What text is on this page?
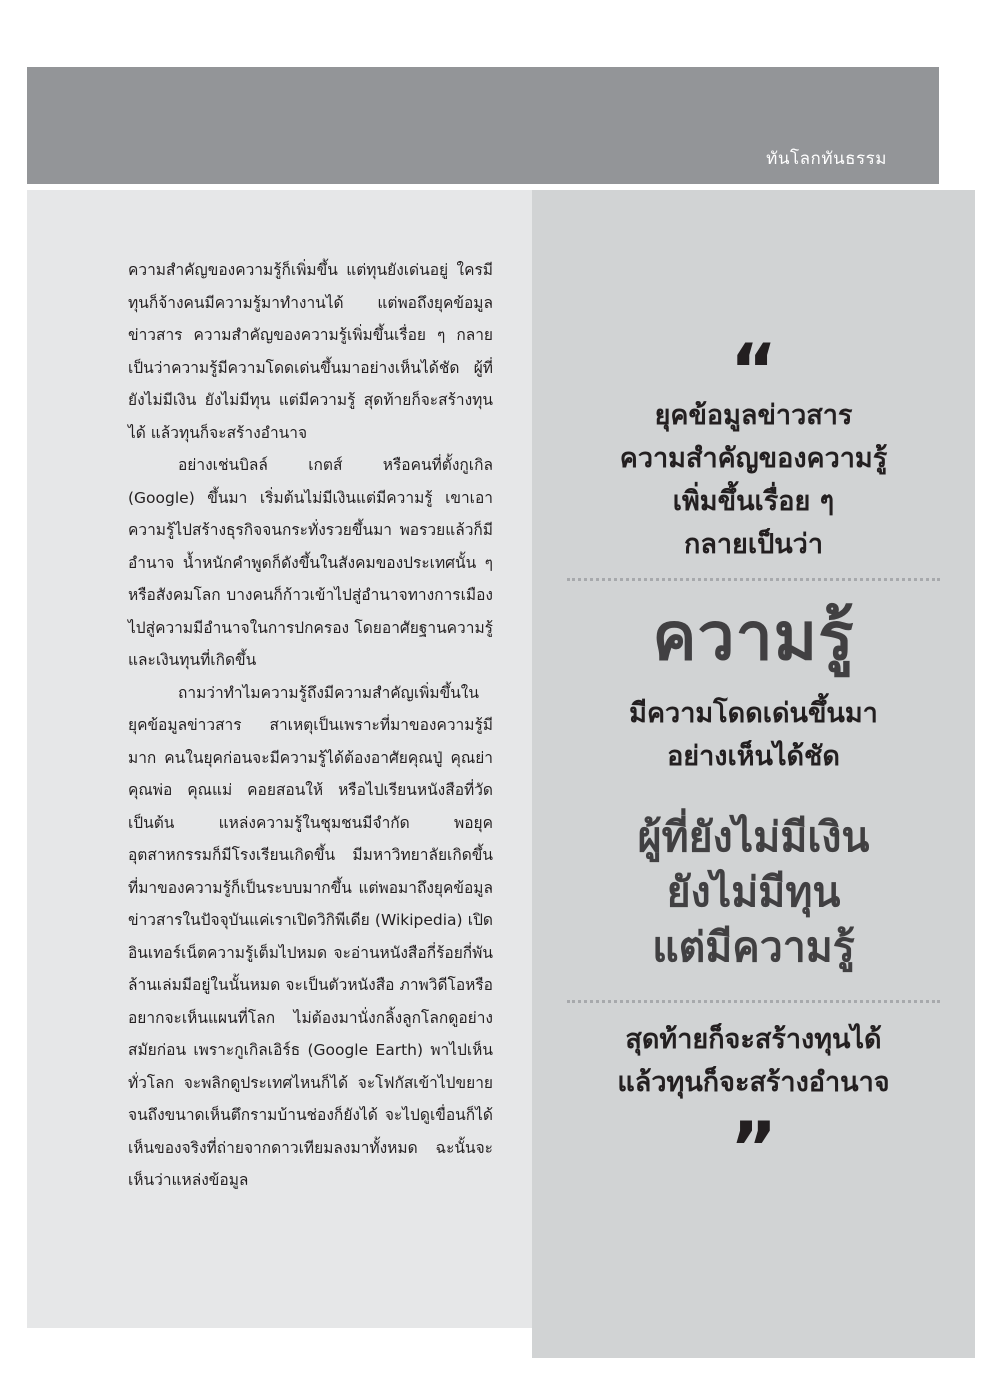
ทันโลกทันธรรม

ความสำคัญของความรู้ก็เพิ่มขึ้น แต่ทุนยังเด่นอยู่ ใครมีทุนก็จ้างคนมีความรู้มาทำงานได้ แต่พอถึงยุคข้อมูลข่าวสาร ความสำคัญของความรู้เพิ่มขึ้นเรื่อย ๆ กลายเป็นว่าความรู้มีความโดดเด่นขึ้นมาอย่างเห็นได้ชัด ผู้ที่ยังไม่มีเงิน ยังไม่มีทุน แต่มีความรู้ สุดท้ายก็จะสร้างทุนได้ แล้วทุนก็จะสร้างอำนาจ

อย่างเช่นบิลล์ เกตส์ หรือคนที่ตั้งกูเกิล (Google) ขึ้นมา เริ่มต้นไม่มีเงินแต่มีความรู้ เขาเอาความรู้ไปสร้างธุรกิจจนกระทั่งรวยขึ้นมา พอรวยแล้วก็มีอำนาจ น้ำหนักคำพูดก็ดังขึ้นในสังคมของประเทศนั้น ๆ หรือสังคมโลก บางคนก็ก้าวเข้าไปสู่อำนาจทางการเมือง ไปสู่ความมีอำนาจในการปกครอง โดยอาศัยฐานความรู้และเงินทุนที่เกิดขึ้น

ถามว่าทำไมความรู้ถึงมีความสำคัญเพิ่มขึ้นในยุคข้อมูลข่าวสาร สาเหตุเป็นเพราะที่มาของความรู้มีมาก คนในยุคก่อนจะมีความรู้ได้ต้องอาศัยคุณปู่ คุณย่า คุณพ่อ คุณแม่ คอยสอนให้ หรือไปเรียนหนังสือที่วัด เป็นต้น แหล่งความรู้ในชุมชนมีจำกัด พอยุคอุตสาหกรรมก็มีโรงเรียนเกิดขึ้น มีมหาวิทยาลัยเกิดขึ้น ที่มาของความรู้ก็เป็นระบบมากขึ้น แต่พอมาถึงยุคข้อมูลข่าวสารในปัจจุบันแค่เราเปิดวิกิพีเดีย (Wikipedia) เปิดอินเทอร์เน็ตความรู้เต็มไปหมด จะอ่านหนังสือกี่ร้อยกี่พันล้านเล่มมีอยู่ในนั้นหมด จะเป็นตัวหนังสือ ภาพวิดีโอหรืออยากจะเห็นแผนที่โลก ไม่ต้องมานั่งกลิ้งลูกโลกดูอย่างสมัยก่อน เพราะกูเกิลเอิร์ธ (Google Earth) พาไปเห็นทั่วโลก จะพลิกดูประเทศไหนก็ได้ จะโฟกัสเข้าไปขยายจนถึงขนาดเห็นตึกรามบ้านช่องก็ยังได้ จะไปดูเขื่อนก็ได้ เห็นของจริงที่ถ่ายจากดาวเทียมลงมาทั้งหมด ฉะนั้นจะเห็นว่าแหล่งข้อมูล

“
ยุคข้อมูลข่าวสาร
ความสำคัญของความรู้
เพิ่มขึ้นเรื่อย ๆ
กลายเป็นว่า
ความรู้
มีความโดดเด่นขึ้นมา
อย่างเห็นได้ชัด
ผู้ที่ยังไม่มีเงิน
ยังไม่มีทุน
แต่มีความรู้
สุดท้ายก็จะสร้างทุนได้
แล้วทุนก็จะสร้างอำนาจ
”
